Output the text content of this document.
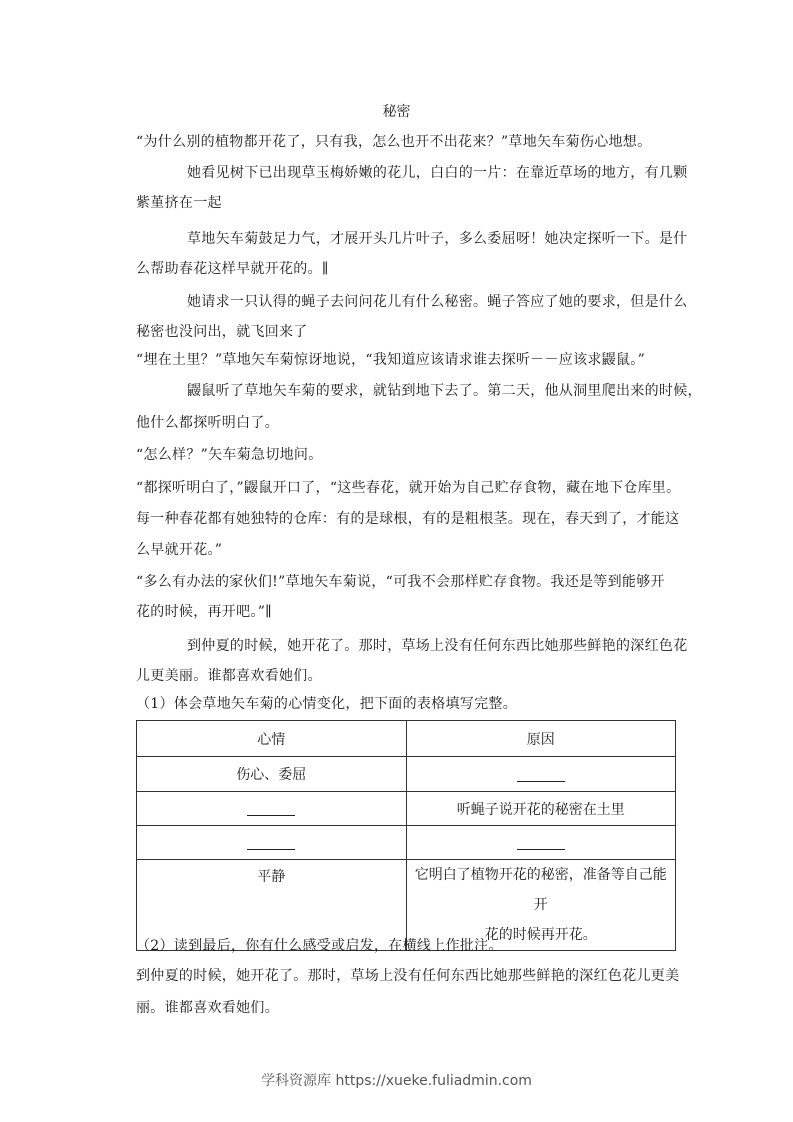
秘密
“为什么别的植物都开花了，只有我，怎么也开不出花来？”草地矢车菊伤心地想。
她看见树下已出现草玉梅娇嫩的花儿，白白的一片：在靠近草场的地方，有几颗
紫堇挤在一起
草地矢车菊鼓足力气，才展开头几片叶子，多么委屈呀！她决定探听一下。是什
么帮助春花这样早就开花的。∥
她请求一只认得的蝇子去问问花儿有什么秘密。蝇子答应了她的要求，但是什么
秘密也没问出，就飞回来了
“埋在土里？”草地矢车菊惊讶地说，“我知道应该请求谁去探听－－应该求鼹鼠。”
鼹鼠听了草地矢车菊的要求，就钻到地下去了。第二天，他从洞里爬出来的时候，
他什么都探听明白了。
“怎么样？”矢车菊急切地问。
“都探听明白了，”鼹鼠开口了，“这些春花，就开始为自己贮存食物，藏在地下仓库里。
每一种春花都有她独特的仓库：有的是球根，有的是粗根茎。现在，春天到了，才能这
么早就开花。”
“多么有办法的家伙们!”草地矢车菊说，“可我不会那样贮存食物。我还是等到能够开
花的时候，再开吧。”∥
到仲夏的时候，她开花了。那时，草场上没有任何东西比她那些鲜艳的深红色花
儿更美丽。谁都喜欢看她们。
（1）体会草地矢车菊的心情变化，把下面的表格填写完整。
心情	原因
伤心、委屈	
	听蝇子说开花的秘密在土里

平静	它明白了植物开花的秘密，准备等自己能开
花的时候再开花。
（2）读到最后，你有什么感受或启发，在横线上作批注。
到仲夏的时候，她开花了。那时，草场上没有任何东西比她那些鲜艳的深红色花儿更美
丽。谁都喜欢看她们。
学科资源库 https://xueke.fuliadmin.com
